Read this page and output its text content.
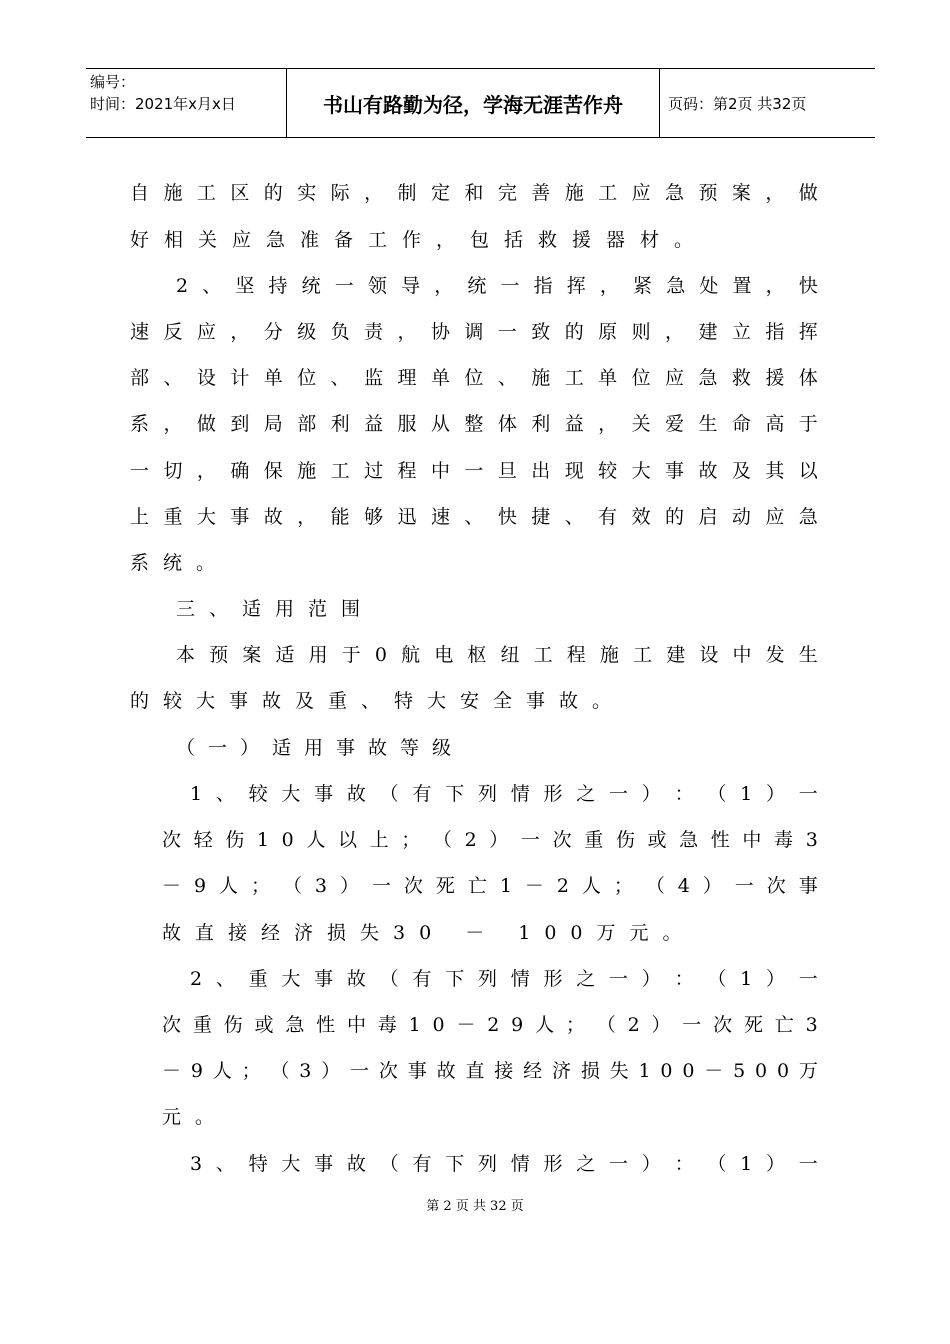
编号：
时间：2021年x月x日	书山有路勤为径，学海无涯苦作舟	页码：第2页 共32页
自 施 工 区 的 实 际 ， 制 定 和 完 善 施 工 应 急 预 案 ， 做
好相关应急准备工作，包括救援器材。
2 、 坚 持 统 一 领 导 ， 统 一 指 挥 ， 紧 急 处 置 ， 快
速 反 应 ， 分 级 负 责 ， 协 调 一 致 的 原 则 ， 建 立 指 挥
部 、 设 计 单 位 、 监 理 单 位 、 施 工 单 位 应 急 救 援 体
系 ， 做 到 局 部 利 益 服 从 整 体 利 益 ， 关 爱 生 命 高 于
一 切 ， 确 保 施 工 过 程 中 一 旦 出 现 较 大 事 故 及 其 以
上 重 大 事 故 ， 能 够 迅 速 、 快 捷 、 有 效 的 启 动 应 急
系统。
三、适用范围
本 预 案 适 用 于 0 航 电 枢 纽 工 程 施 工 建 设 中 发 生
的较大事故及重、特大安全事故。
（一）适用事故等级
1 、 较 大 事 故 （ 有 下 列 情 形 之 一 ） ： （ 1 ） 一
次 轻 伤 1 0 人 以 上 ； （ 2 ） 一 次 重 伤 或 急 性 中 毒 3
－ 9 人 ； （ 3 ） 一 次 死 亡 1 － 2 人 ； （ 4 ） 一 次 事
故直接经济损失30 － 100万元。
2 、 重 大 事 故 （ 有 下 列 情 形 之 一 ） ： （ 1 ） 一
次 重 伤 或 急 性 中 毒 1 0 － 2 9 人 ； （ 2 ） 一 次 死 亡 3
－ 9 人 ； （ 3 ） 一 次 事 故 直 接 经 济 损 失 1 0 0 － 5 0 0 万
元。
3 、 特 大 事 故 （ 有 下 列 情 形 之 一 ） ： （ 1 ） 一
第 2 页 共 32 页
